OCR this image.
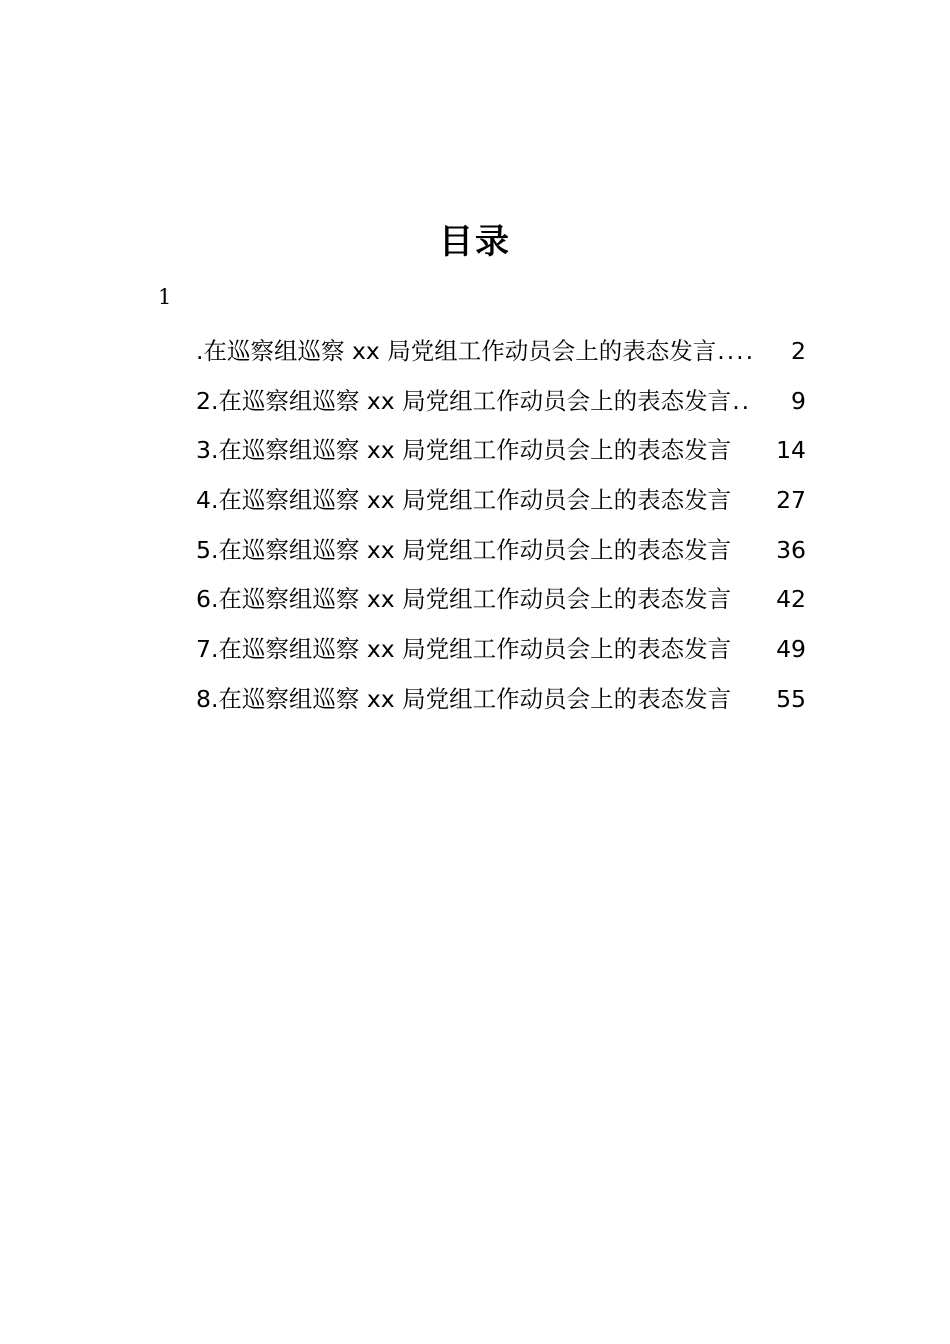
目录
1
.在巡察组巡察 xx 局党组工作动员会上的表态发言 ....	2
2.在巡察组巡察 xx 局党组工作动员会上的表态发言 ..	9
3.在巡察组巡察 xx 局党组工作动员会上的表态发言 14
4.在巡察组巡察 xx 局党组工作动员会上的表态发言 27
5.在巡察组巡察 xx 局党组工作动员会上的表态发言 36
6.在巡察组巡察 xx 局党组工作动员会上的表态发言 42
7.在巡察组巡察 xx 局党组工作动员会上的表态发言 49
8.在巡察组巡察 xx 局党组工作动员会上的表态发言 55
